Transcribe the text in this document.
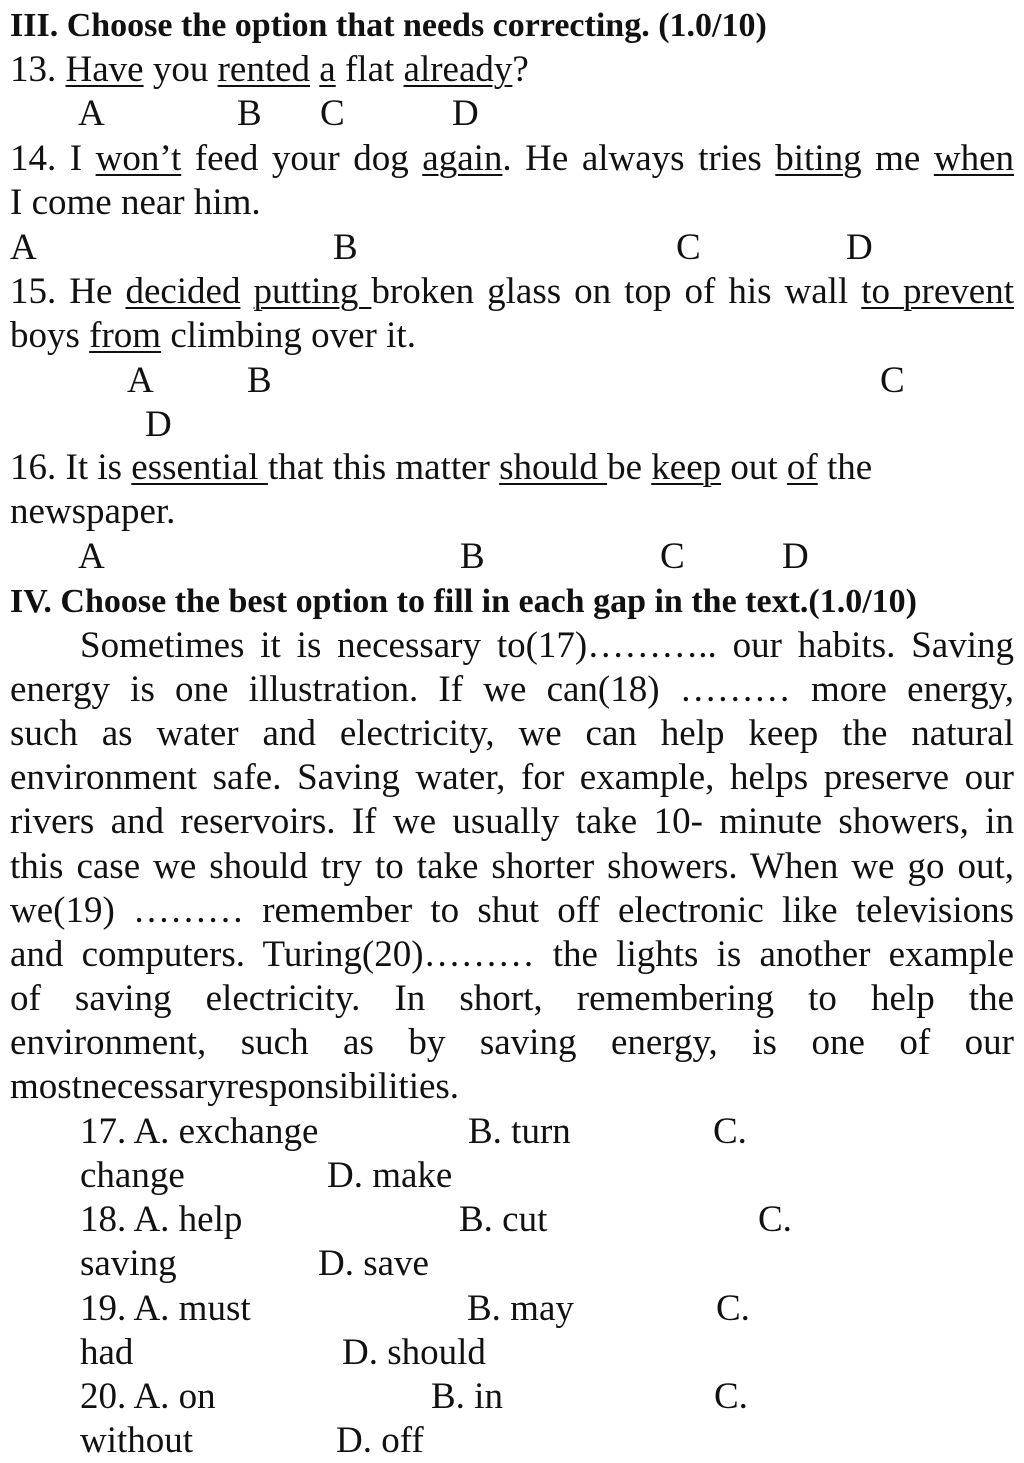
III. Choose the option that needs correcting. (1.0/10)
13. Have you rented a flat already?
A	B C	D
14. I won’t feed your dog again. He always tries biting me when
I come near him.
A	B	C	D
15. He decided putting broken glass on top of his wall to prevent
boys from climbing over it.
A	B	C
D
16. It is essential that this matter should be keep out of the
newspaper.
A	B	C	D
IV. Choose the best option to fill in each gap in the text.(1.0/10)
Sometimes it is necessary to(17)……….. our habits. Saving
energy is one illustration. If we can(18) ……… more energy,
such as water and electricity, we can help keep the natural
environment safe. Saving water, for example, helps preserve our
rivers and reservoirs. If we usually take 10- minute showers, in
this case we should try to take shorter showers. When we go out,
we(19) ……… remember to shut off electronic like televisions
and computers. Turing(20)……… the lights is another example
of saving electricity. In short, remembering to help the
environment, such as by saving energy, is one of our
mostnecessaryresponsibilities.
17. A. exchange	B. turn	C.
change	D. make
18. A. help	B. cut	C.
saving	D. save
19. A. must	B. may	C.
had	D. should
20. A. on	B. in	C.
without	D. off
